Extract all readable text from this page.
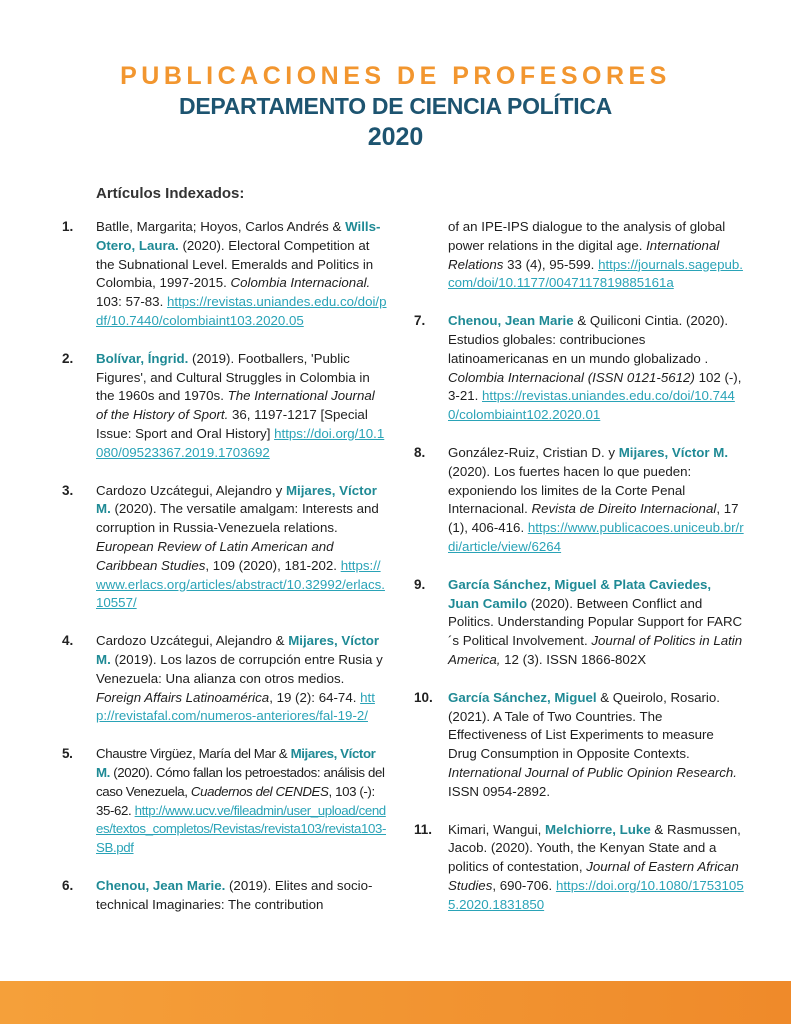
PUBLICACIONES DE PROFESORES
DEPARTAMENTO DE CIENCIA POLÍTICA
2020
Artículos Indexados:
1. Batlle, Margarita; Hoyos, Carlos Andrés & Wills-Otero, Laura. (2020). Electoral Competition at the Subnational Level. Emeralds and Politics in Colombia, 1997-2015. Colombia Internacional. 103: 57-83. https://revistas.uniandes.edu.co/doi/pdf/10.7440/colombiaint103.2020.05
2. Bolívar, Íngrid. (2019). Footballers, 'Public Figures', and Cultural Struggles in Colombia in the 1960s and 1970s. The International Journal of the History of Sport. 36, 1197-1217 [Special Issue: Sport and Oral History] https://doi.org/10.1080/09523367.2019.1703692
3. Cardozo Uzcátegui, Alejandro y Mijares, Víctor M. (2020). The versatile amalgam: Interests and corruption in Russia-Venezuela relations. European Review of Latin American and Caribbean Studies, 109 (2020), 181-202. https://www.erlacs.org/articles/abstract/10.32992/erlacs.10557/
4. Cardozo Uzcátegui, Alejandro & Mijares, Víctor M. (2019). Los lazos de corrupción entre Rusia y Venezuela: Una alianza con otros medios. Foreign Affairs Latinoamérica, 19 (2): 64-74. http://revistafal.com/numeros-anteriores/fal-19-2/
5. Chaustre Virgüez, María del Mar & Mijares, Víctor M. (2020). Cómo fallan los petroestados: análisis del caso Venezuela, Cuadernos del CENDES, 103 (-): 35-62. http://www.ucv.ve/fileadmin/user_upload/cendes/textos_completos/Revistas/revista103/revista103-SB.pdf
6. Chenou, Jean Marie. (2019). Elites and socio-technical Imaginaries: The contribution
of an IPE-IPS dialogue to the analysis of global power relations in the digital age. International Relations 33 (4), 95-599. https://journals.sagepub.com/doi/10.1177/0047117819885161a
7. Chenou, Jean Marie & Quiliconi Cintia. (2020). Estudios globales: contribuciones latinoamericanas en un mundo globalizado . Colombia Internacional (ISSN 0121-5612) 102 (-), 3-21. https://revistas.uniandes.edu.co/doi/10.7440/colombiaint102.2020.01
8. González-Ruiz, Cristian D. y Mijares, Víctor M. (2020). Los fuertes hacen lo que pueden: exponiendo los limites de la Corte Penal Internacional. Revista de Direito Internacional, 17 (1), 406-416. https://www.publicacoes.uniceub.br/rdi/article/view/6264
9. García Sánchez, Miguel & Plata Caviedes, Juan Camilo (2020). Between Conflict and Politics. Understanding Popular Support for FARC´s Political Involvement. Journal of Politics in Latin America, 12 (3). ISSN 1866-802X
10. García Sánchez, Miguel & Queirolo, Rosario. (2021). A Tale of Two Countries. The Effectiveness of List Experiments to measure Drug Consumption in Opposite Contexts. International Journal of Public Opinion Research. ISSN 0954-2892.
11. Kimari, Wangui, Melchiorre, Luke & Rasmussen, Jacob. (2020). Youth, the Kenyan State and a politics of contestation, Journal of Eastern African Studies, 690-706. https://doi.org/10.1080/17531055.2020.1831850
